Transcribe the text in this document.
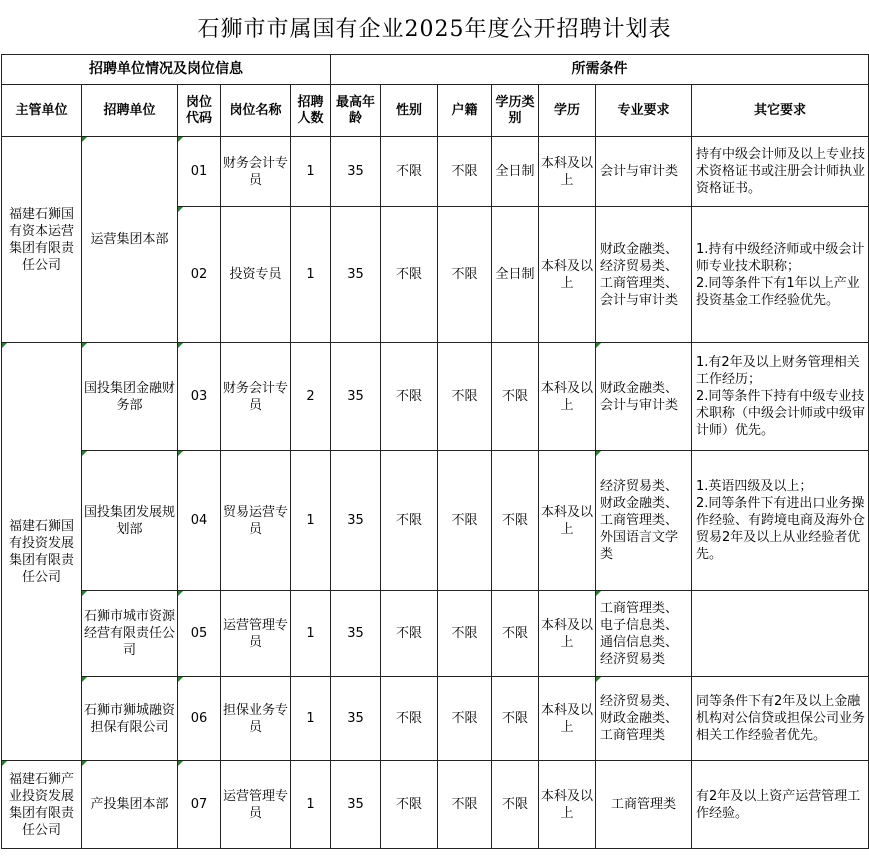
石狮市市属国有企业2025年度公开招聘计划表
招聘单位情况及岗位信息					所需条件						
主管单位	招聘单位	岗位代码	岗位名称	招聘人数	最高年龄	性别	户籍	学历类别	学历	专业要求	其它要求
福建石狮国有资本运营集团有限责任公司	运营集团本部	01	财务会计专员	1	35	不限	不限	全日制	本科及以上	会计与审计类	持有中级会计师及以上专业技术资格证书或注册会计师执业资格证书。
		02	投资专员	1	35	不限	不限	全日制	本科及以上	财政金融类、经济贸易类、工商管理类、会计与审计类	1.持有中级经济师或中级会计师专业技术职称；
2.同等条件下有1年以上产业投资基金工作经验优先。
福建石狮国有投资发展集团有限责任公司	国投集团金融财务部	03	财务会计专员	2	35	不限	不限	不限	本科及以上	财政金融类、会计与审计类	1.有2年及以上财务管理相关工作经历；
2.同等条件下持有中级专业技术职称（中级会计师或中级审计师）优先。
	国投集团发展规划部	04	贸易运营专员	1	35	不限	不限	不限	本科及以上	经济贸易类、财政金融类、工商管理类、外国语言文学类	1.英语四级及以上；
2.同等条件下有进出口业务操作经验、有跨境电商及海外仓贸易2年及以上从业经验者优先。
	石狮市城市资源经营有限责任公司	05	运营管理专员	1	35	不限	不限	不限	本科及以上	工商管理类、电子信息类、通信信息类、经济贸易类	
	石狮市狮城融资担保有限公司	06	担保业务专员	1	35	不限	不限	不限	本科及以上	经济贸易类、财政金融类、工商管理类	同等条件下有2年及以上金融机构对公信贷或担保公司业务相关工作经验者优先。
福建石狮产业投资发展集团有限责任公司	产投集团本部	07	运营管理专员	1	35	不限	不限	不限	本科及以上	工商管理类	有2年及以上资产运营管理工作经验。
